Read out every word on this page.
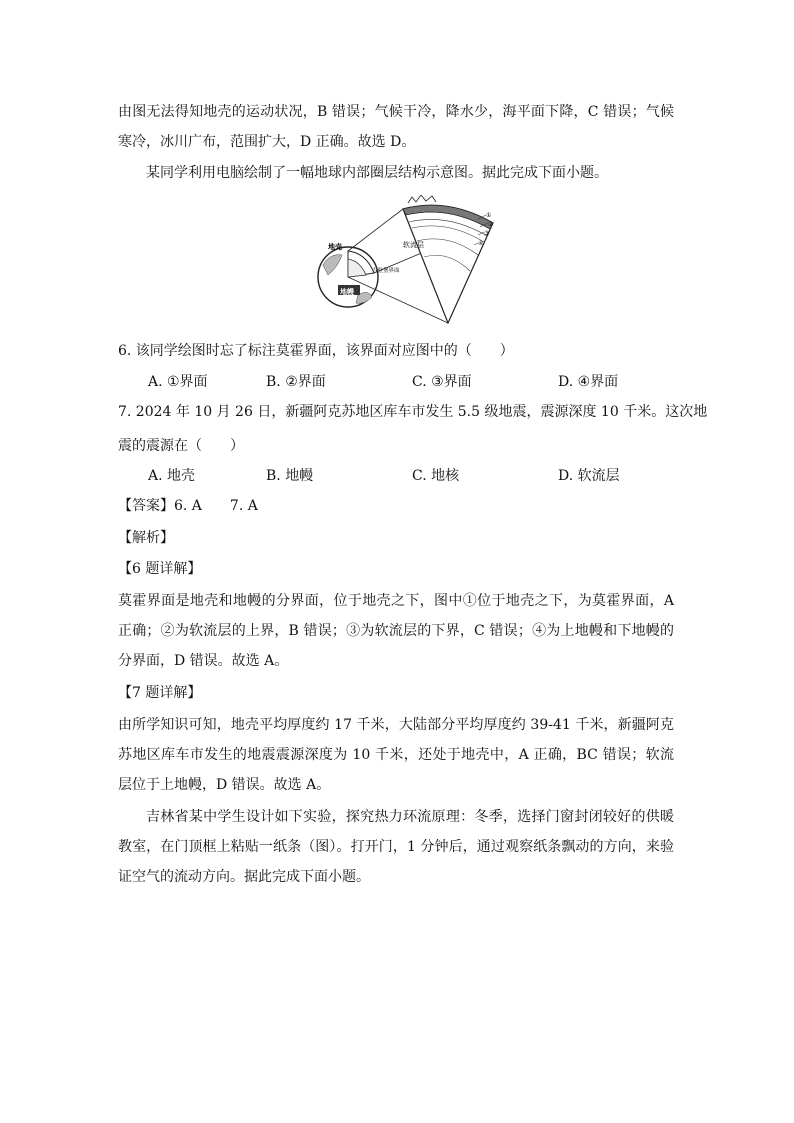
由图无法得知地壳的运动状况，B 错误；气候干冷，降水少，海平面下降，C 错误；气候寒冷，冰川广布，范围扩大，D 正确。故选 D。

某同学利用电脑绘制了一幅地球内部圈层结构示意图。据此完成下面小题。

地壳
地幔
软流层
古登堡界面
①
②
③
④

6. 该同学绘图时忘了标注莫霍界面，该界面对应图中的（　　）

A. ①界面	B. ②界面	C. ③界面	D. ④界面

7. 2024 年 10 月 26 日，新疆阿克苏地区库车市发生 5.5 级地震，震源深度 10 千米。这次地

震的震源在（　　）

A. 地壳	B. 地幔	C. 地核	D. 软流层

【答案】6. A　　7. A
【解析】
【6 题详解】

莫霍界面是地壳和地幔的分界面，位于地壳之下，图中①位于地壳之下，为莫霍界面，A 正确；②为软流层的上界，B 错误；③为软流层的下界，C 错误；④为上地幔和下地幔的分界面，D 错误。故选 A。

【7 题详解】

由所学知识可知，地壳平均厚度约 17 千米，大陆部分平均厚度约 39-41 千米，新疆阿克苏地区库车市发生的地震震源深度为 10 千米，还处于地壳中，A 正确，BC 错误；软流层位于上地幔，D 错误。故选 A。

吉林省某中学生设计如下实验，探究热力环流原理：冬季，选择门窗封闭较好的供暖教室，在门顶框上粘贴一纸条（图）。打开门，1 分钟后，通过观察纸条飘动的方向，来验证空气的流动方向。据此完成下面小题。
